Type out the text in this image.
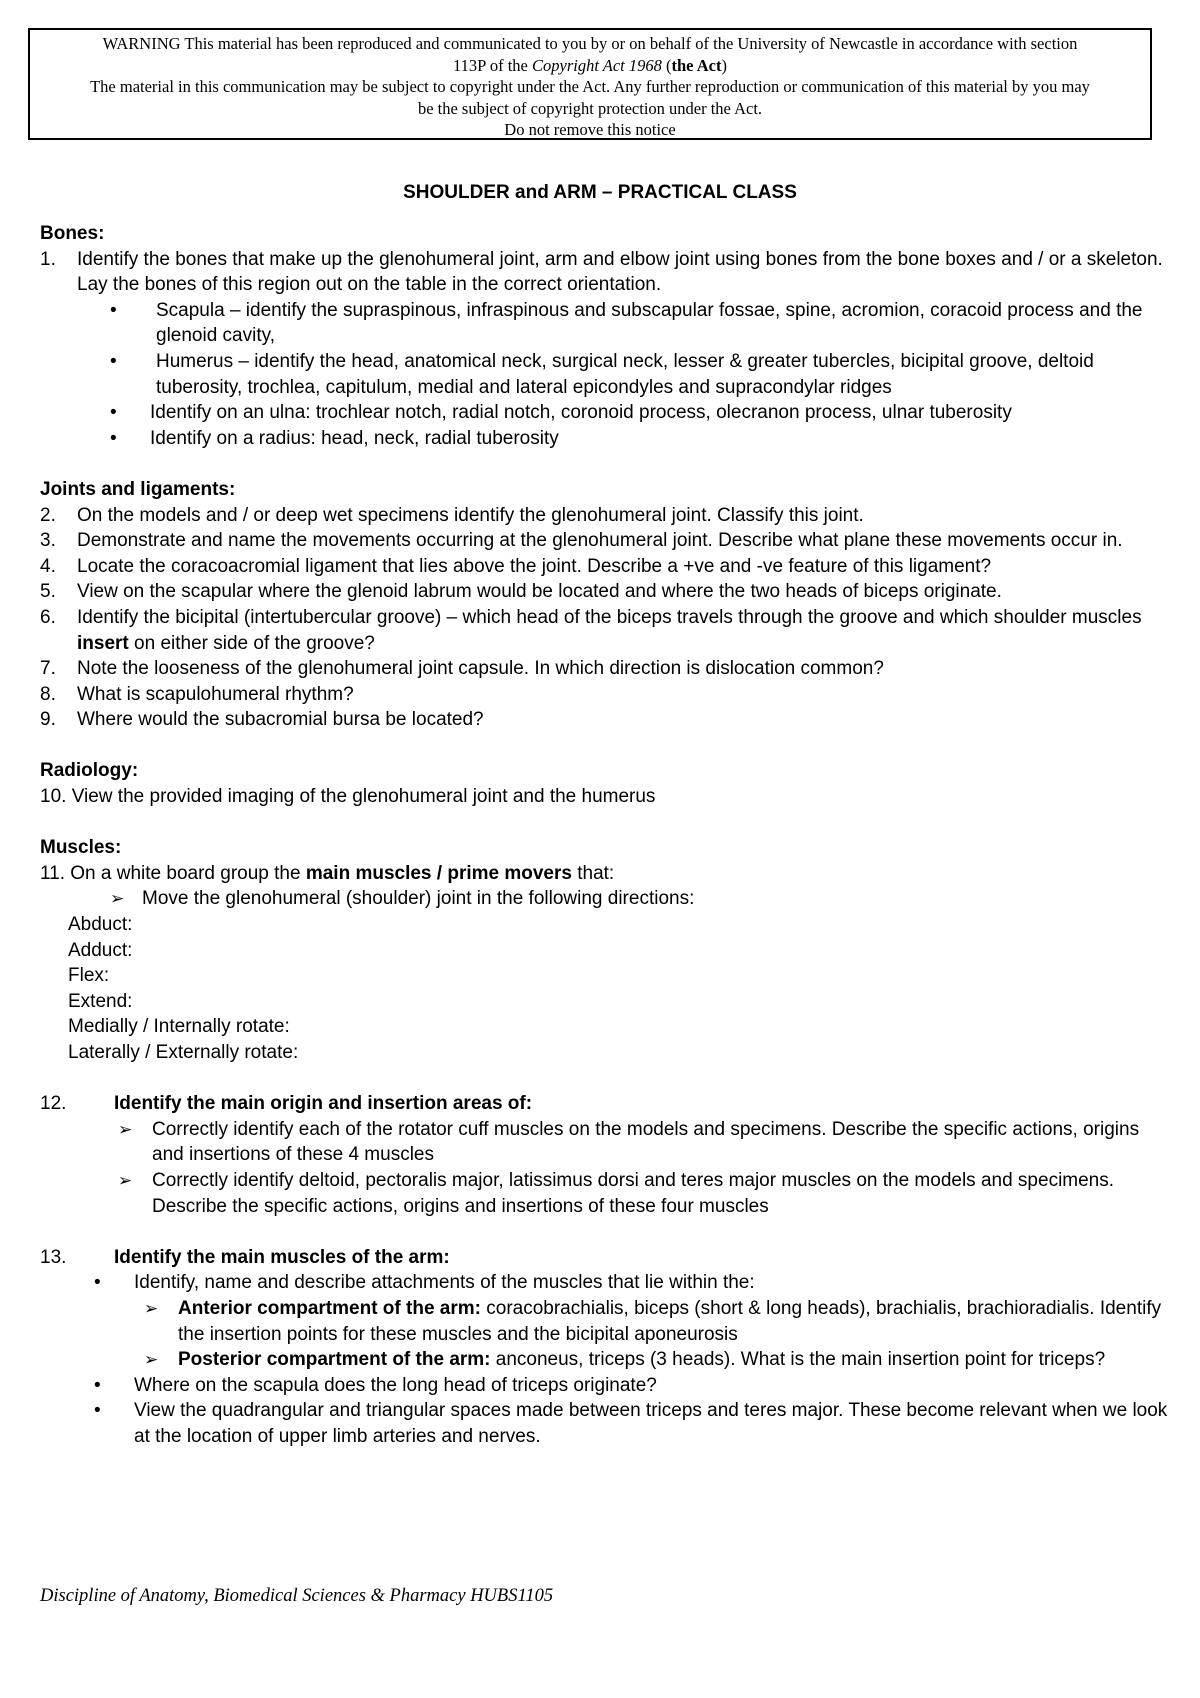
WARNING This material has been reproduced and communicated to you by or on behalf of the University of Newcastle in accordance with section

113P of the Copyright Act 1968 (the Act)

The material in this communication may be subject to copyright under the Act. Any further reproduction or communication of this material by you may

be the subject of copyright protection under the Act.

Do not remove this notice

SHOULDER and ARM – PRACTICAL CLASS
Bones:
1. Identify the bones that make up the glenohumeral joint, arm and elbow joint using bones from the bone boxes and / or a skeleton. Lay the bones of this region out on the table in the correct orientation.
• Scapula – identify the supraspinous, infraspinous and subscapular fossae, spine, acromion, coracoid process and the glenoid cavity,
• Humerus – identify the head, anatomical neck, surgical neck, lesser & greater tubercles, bicipital groove, deltoid tuberosity, trochlea, capitulum, medial and lateral epicondyles and supracondylar ridges
• Identify on an ulna: trochlear notch, radial notch, coronoid process, olecranon process, ulnar tuberosity
• Identify on a radius: head, neck, radial tuberosity
Joints and ligaments:
2. On the models and / or deep wet specimens identify the glenohumeral joint. Classify this joint.
3. Demonstrate and name the movements occurring at the glenohumeral joint. Describe what plane these movements occur in.
4. Locate the coracoacromial ligament that lies above the joint. Describe a +ve and -ve feature of this ligament?
5. View on the scapular where the glenoid labrum would be located and where the two heads of biceps originate.
6. Identify the bicipital (intertubercular groove) – which head of the biceps travels through the groove and which shoulder muscles insert on either side of the groove?
7. Note the looseness of the glenohumeral joint capsule. In which direction is dislocation common?
8. What is scapulohumeral rhythm?
9. Where would the subacromial bursa be located?
Radiology:
10. View the provided imaging of the glenohumeral joint and the humerus
Muscles:
11. On a white board group the main muscles / prime movers that:
➢ Move the glenohumeral (shoulder) joint in the following directions:
Abduct:
Adduct:
Flex:
Extend:
Medially / Internally rotate:
Laterally / Externally rotate:
12.	Identify the main origin and insertion areas of:
➢ Correctly identify each of the rotator cuff muscles on the models and specimens. Describe the specific actions, origins and insertions of these 4 muscles
➢ Correctly identify deltoid, pectoralis major, latissimus dorsi and teres major muscles on the models and specimens. Describe the specific actions, origins and insertions of these four muscles
13.	Identify the main muscles of the arm:
• Identify, name and describe attachments of the muscles that lie within the:
➢ Anterior compartment of the arm: coracobrachialis, biceps (short & long heads), brachialis, brachioradialis. Identify the insertion points for these muscles and the bicipital aponeurosis
➢ Posterior compartment of the arm: anconeus, triceps (3 heads). What is the main insertion point for triceps?
• Where on the scapula does the long head of triceps originate?
• View the quadrangular and triangular spaces made between triceps and teres major. These become relevant when we look at the location of upper limb arteries and nerves.
Discipline of Anatomy, Biomedical Sciences & Pharmacy HUBS1105
